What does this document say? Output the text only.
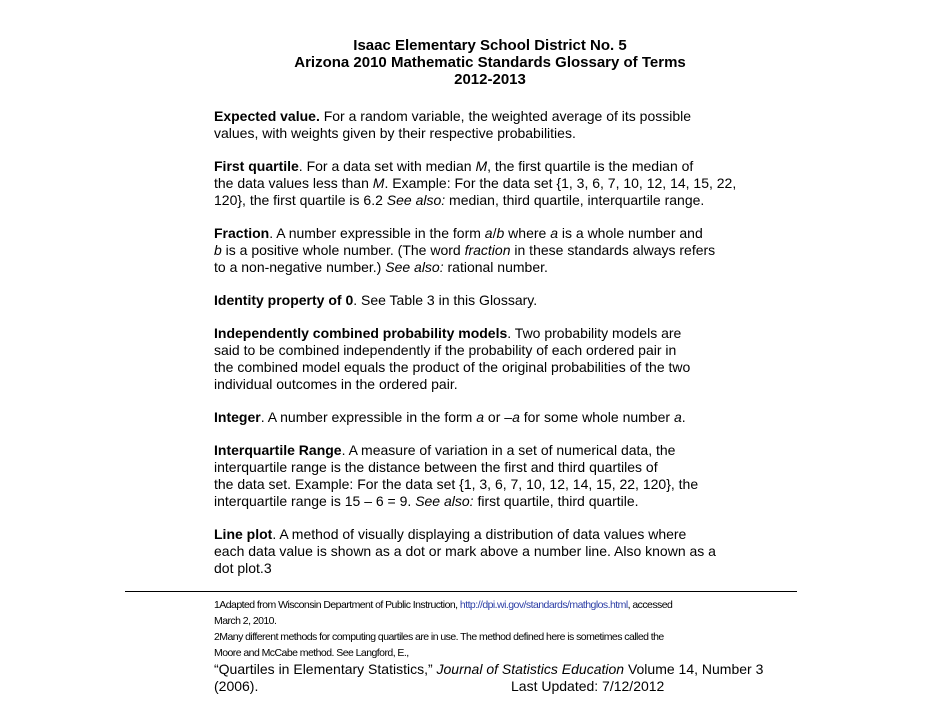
Isaac Elementary School District No. 5
Arizona 2010 Mathematic Standards Glossary of Terms
2012-2013
Expected value. For a random variable, the weighted average of its possible
values, with weights given by their respective probabilities.
First quartile. For a data set with median M, the first quartile is the median of
the data values less than M. Example: For the data set {1, 3, 6, 7, 10, 12, 14, 15, 22,
120}, the first quartile is 6.2 See also: median, third quartile, interquartile range.
Fraction. A number expressible in the form a/b where a is a whole number and
b is a positive whole number. (The word fraction in these standards always refers
to a non-negative number.) See also: rational number.
Identity property of 0. See Table 3 in this Glossary.
Independently combined probability models. Two probability models are
said to be combined independently if the probability of each ordered pair in
the combined model equals the product of the original probabilities of the two
individual outcomes in the ordered pair.
Integer. A number expressible in the form a or –a for some whole number a.
Interquartile Range. A measure of variation in a set of numerical data, the
interquartile range is the distance between the first and third quartiles of
the data set. Example: For the data set {1, 3, 6, 7, 10, 12, 14, 15, 22, 120}, the
interquartile range is 15 – 6 = 9. See also: first quartile, third quartile.
Line plot. A method of visually displaying a distribution of data values where
each data value is shown as a dot or mark above a number line. Also known as a
dot plot.3
1Adapted from Wisconsin Department of Public Instruction, http://dpi.wi.gov/standards/mathglos.html, accessed
March 2, 2010.
2Many different methods for computing quartiles are in use. The method defined here is sometimes called the
Moore and McCabe method. See Langford, E.,
“Quartiles in Elementary Statistics,” Journal of Statistics Education Volume 14, Number 3
(2006).	Last Updated: 7/12/2012
